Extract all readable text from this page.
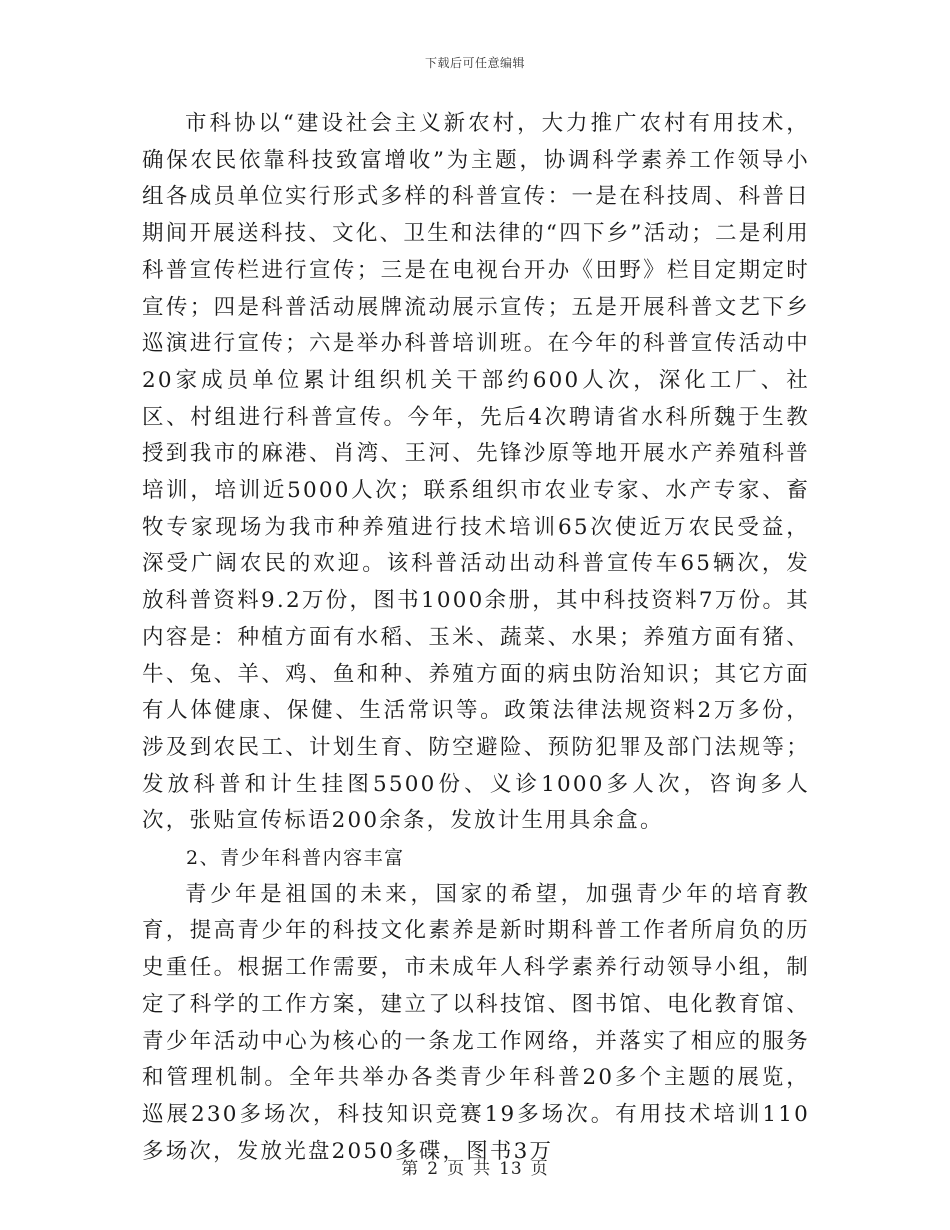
下载后可任意编辑

市科协以“建设社会主义新农村，大力推广农村有用技术，确保农民依靠科技致富增收”为主题，协调科学素养工作领导小组各成员单位实行形式多样的科普宣传：一是在科技周、科普日期间开展送科技、文化、卫生和法律的“四下乡”活动；二是利用科普宣传栏进行宣传；三是在电视台开办《田野》栏目定期定时宣传；四是科普活动展牌流动展示宣传；五是开展科普文艺下乡巡演进行宣传；六是举办科普培训班。在今年的科普宣传活动中20家成员单位累计组织机关干部约600人次，深化工厂、社区、村组进行科普宣传。今年，先后4次聘请省水科所魏于生教授到我市的麻港、肖湾、王河、先锋沙原等地开展水产养殖科普培训，培训近5000人次；联系组织市农业专家、水产专家、畜牧专家现场为我市种养殖进行技术培训65次使近万农民受益，深受广阔农民的欢迎。该科普活动出动科普宣传车65辆次，发放科普资料9.2万份，图书1000余册，其中科技资料7万份。其内容是：种植方面有水稻、玉米、蔬菜、水果；养殖方面有猪、牛、兔、羊、鸡、鱼和种、养殖方面的病虫防治知识；其它方面有人体健康、保健、生活常识等。政策法律法规资料2万多份，涉及到农民工、计划生育、防空避险、预防犯罪及部门法规等；发放科普和计生挂图5500份、义诊1000多人次，咨询多人次，张贴宣传标语200余条，发放计生用具余盒。

2、青少年科普内容丰富

青少年是祖国的未来，国家的希望，加强青少年的培育教育，提高青少年的科技文化素养是新时期科普工作者所肩负的历史重任。根据工作需要，市未成年人科学素养行动领导小组，制定了科学的工作方案，建立了以科技馆、图书馆、电化教育馆、青少年活动中心为核心的一条龙工作网络，并落实了相应的服务和管理机制。全年共举办各类青少年科普20多个主题的展览，巡展230多场次，科技知识竞赛19多场次。有用技术培训110多场次，发放光盘2050多碟，图书3万

第 2 页 共 13 页
